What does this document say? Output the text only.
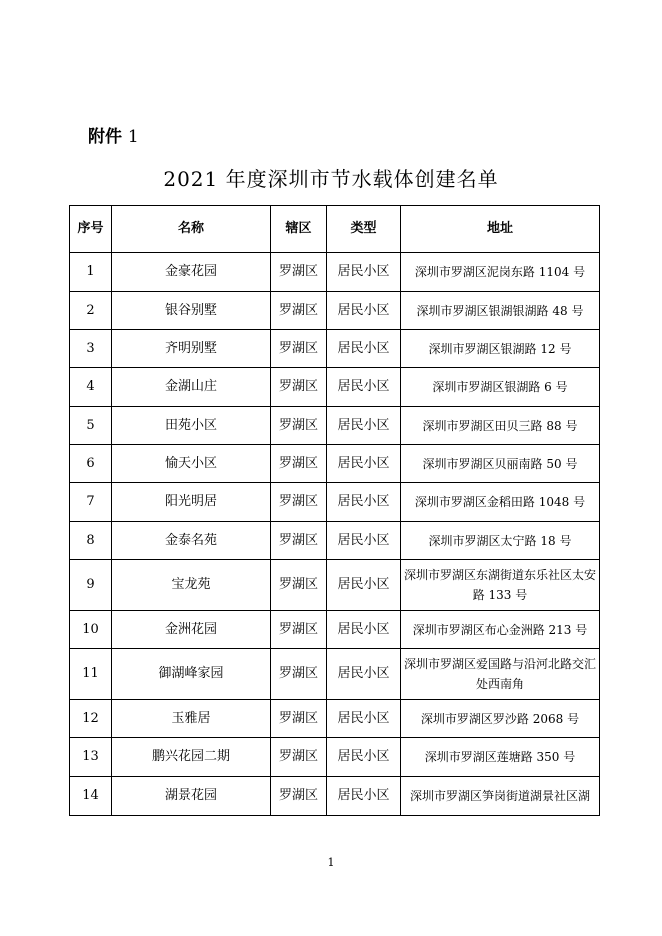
附件 1
2021 年度深圳市节水载体创建名单
序号	名称	辖区	类型	地址
1	金豪花园	罗湖区	居民小区	深圳市罗湖区泥岗东路 1104 号
2	银谷别墅	罗湖区	居民小区	深圳市罗湖区银湖银湖路 48 号
3	齐明别墅	罗湖区	居民小区	深圳市罗湖区银湖路 12 号
4	金湖山庄	罗湖区	居民小区	深圳市罗湖区银湖路 6 号
5	田苑小区	罗湖区	居民小区	深圳市罗湖区田贝三路 88 号
6	愉天小区	罗湖区	居民小区	深圳市罗湖区贝丽南路 50 号
7	阳光明居	罗湖区	居民小区	深圳市罗湖区金稻田路 1048 号
8	金泰名苑	罗湖区	居民小区	深圳市罗湖区太宁路 18 号
9	宝龙苑	罗湖区	居民小区	深圳市罗湖区东湖街道东乐社区太安路 133 号
10	金洲花园	罗湖区	居民小区	深圳市罗湖区布心金洲路 213 号
11	御湖峰家园	罗湖区	居民小区	深圳市罗湖区爱国路与沿河北路交汇处西南角
12	玉雅居	罗湖区	居民小区	深圳市罗湖区罗沙路 2068 号
13	鹏兴花园二期	罗湖区	居民小区	深圳市罗湖区莲塘路 350 号
14	湖景花园	罗湖区	居民小区	深圳市罗湖区笋岗街道湖景社区湖
1
